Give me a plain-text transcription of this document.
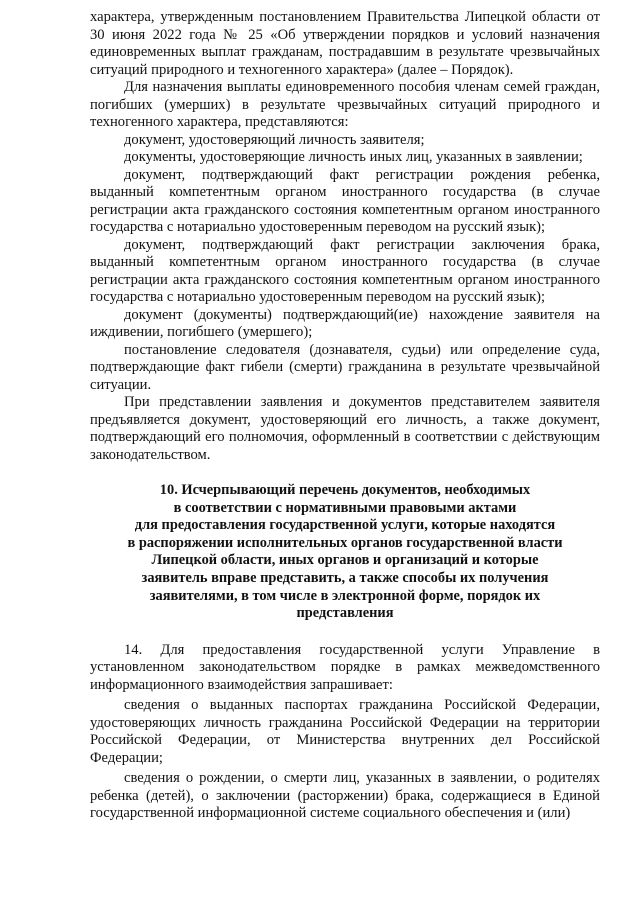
характера, утвержденным постановлением Правительства Липецкой области от 30 июня 2022 года № 25 «Об утверждении порядков и условий назначения единовременных выплат гражданам, пострадавшим в результате чрезвычайных ситуаций природного и техногенного характера» (далее – Порядок).

Для назначения выплаты единовременного пособия членам семей граждан, погибших (умерших) в результате чрезвычайных ситуаций природного и техногенного характера, представляются:

документ, удостоверяющий личность заявителя;

документы, удостоверяющие личность иных лиц, указанных в заявлении;

документ, подтверждающий факт регистрации рождения ребенка, выданный компетентным органом иностранного государства (в случае регистрации акта гражданского состояния компетентным органом иностранного государства с нотариально удостоверенным переводом на русский язык);

документ, подтверждающий факт регистрации заключения брака, выданный компетентным органом иностранного государства (в случае регистрации акта гражданского состояния компетентным органом иностранного государства с нотариально удостоверенным переводом на русский язык);

документ (документы) подтверждающий(ие) нахождение заявителя на иждивении, погибшего (умершего);

постановление следователя (дознавателя, судьи) или определение суда, подтверждающие факт гибели (смерти) гражданина в результате чрезвычайной ситуации.

При представлении заявления и документов представителем заявителя предъявляется документ, удостоверяющий его личность, а также документ, подтверждающий его полномочия, оформленный в соответствии с действующим законодательством.

10. Исчерпывающий перечень документов, необходимых
в соответствии с нормативными правовыми актами
для предоставления государственной услуги, которые находятся
в распоряжении исполнительных органов государственной власти
Липецкой области, иных органов и организаций и которые
заявитель вправе представить, а также способы их получения
заявителями, в том числе в электронной форме, порядок их
представления

14. Для предоставления государственной услуги Управление в установленном законодательством порядке в рамках межведомственного информационного взаимодействия запрашивает:

сведения о выданных паспортах гражданина Российской Федерации, удостоверяющих личность гражданина Российской Федерации на территории Российской Федерации, от Министерства внутренних дел Российской Федерации;

сведения о рождении, о смерти лиц, указанных в заявлении, о родителях ребенка (детей), о заключении (расторжении) брака, содержащиеся в Единой государственной информационной системе социального обеспечения и (или)
